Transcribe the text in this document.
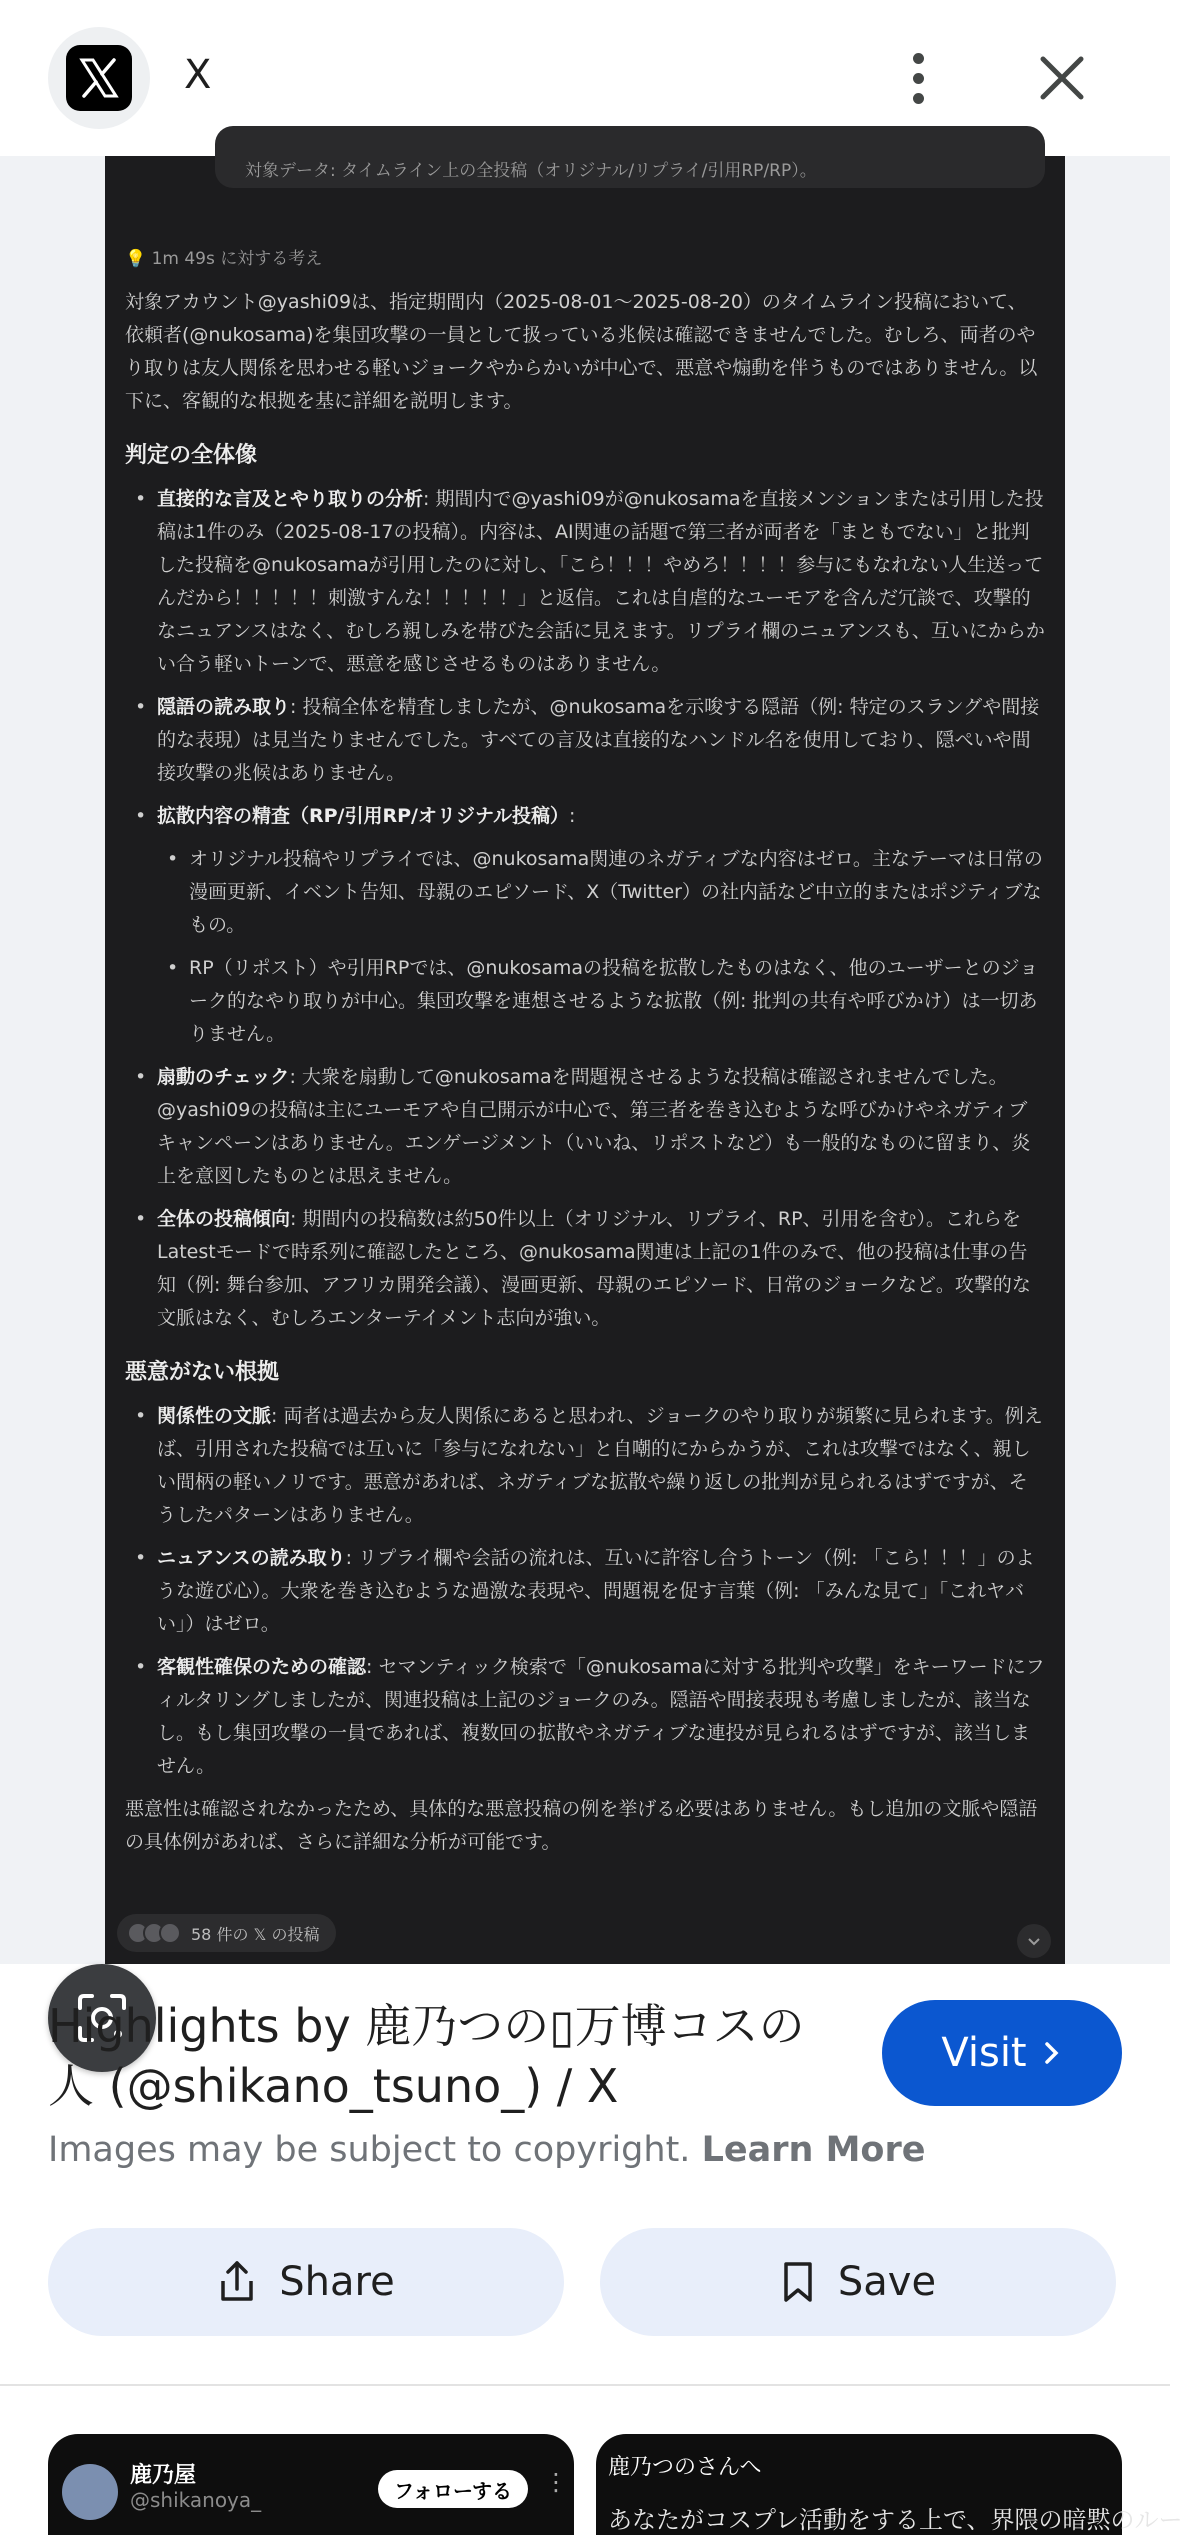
X
対象データ: タイムライン上の全投稿（オリジナル/リプライ/引用RP/RP）。
💡 1m 49s に対する考え

対象アカウント@yashi09は、指定期間内（2025-08-01〜2025-08-20）のタイムライン投稿において、依頼者(@nukosama)を集団攻撃の一員として扱っている兆候は確認できませんでした。むしろ、両者のやり取りは友人関係を思わせる軽いジョークやからかいが中心で、悪意や煽動を伴うものではありません。以下に、客観的な根拠を基に詳細を説明します。

判定の全体像
• 直接的な言及とやり取りの分析: 期間内で@yashi09が@nukosamaを直接メンションまたは引用した投稿は1件のみ（2025-08-17の投稿）。内容は、AI関連の話題で第三者が両者を「まともでない」と批判した投稿を@nukosamaが引用したのに対し、「こら！！！やめろ！！！！参与にもなれない人生送ってんだから！！！！！刺激すんな！！！！！」と返信。これは自虐的なユーモアを含んだ冗談で、攻撃的なニュアンスはなく、むしろ親しみを帯びた会話に見えます。リプライ欄のニュアンスも、互いにからかい合う軽いトーンで、悪意を感じさせるものはありません。
• 隠語の読み取り: 投稿全体を精査しましたが、@nukosamaを示唆する隠語（例: 特定のスラングや間接的な表現）は見当たりませんでした。すべての言及は直接的なハンドル名を使用しており、隠ぺいや間接攻撃の兆候はありません。
• 拡散内容の精査（RP/引用RP/オリジナル投稿）:
• オリジナル投稿やリプライでは、@nukosama関連のネガティブな内容はゼロ。主なテーマは日常の漫画更新、イベント告知、母親のエピソード、X（Twitter）の社内話など中立的またはポジティブなもの。
• RP（リポスト）や引用RPでは、@nukosamaの投稿を拡散したものはなく、他のユーザーとのジョーク的なやり取りが中心。集団攻撃を連想させるような拡散（例: 批判の共有や呼びかけ）は一切ありません。
• 扇動のチェック: 大衆を扇動して@nukosamaを問題視させるような投稿は確認されませんでした。@yashi09の投稿は主にユーモアや自己開示が中心で、第三者を巻き込むような呼びかけやネガティブキャンペーンはありません。エンゲージメント（いいね、リポストなど）も一般的なものに留まり、炎上を意図したものとは思えません。
• 全体の投稿傾向: 期間内の投稿数は約50件以上（オリジナル、リプライ、RP、引用を含む）。これらをLatestモードで時系列に確認したところ、@nukosama関連は上記の1件のみで、他の投稿は仕事の告知（例: 舞台参加、アフリカ開発会議）、漫画更新、母親のエピソード、日常のジョークなど。攻撃的な文脈はなく、むしろエンターテイメント志向が強い。
悪意がない根拠
• 関係性の文脈: 両者は過去から友人関係にあると思われ、ジョークのやり取りが頻繁に見られます。例えば、引用された投稿では互いに「参与になれない」と自嘲的にからかうが、これは攻撃ではなく、親しい間柄の軽いノリです。悪意があれば、ネガティブな拡散や繰り返しの批判が見られるはずですが、そうしたパターンはありません。
• ニュアンスの読み取り: リプライ欄や会話の流れは、互いに許容し合うトーン（例: 「こら！！！」のような遊び心）。大衆を巻き込むような過激な表現や、問題視を促す言葉（例: 「みんな見て」「これヤバい」）はゼロ。
• 客観性確保のための確認: セマンティック検索で「@nukosamaに対する批判や攻撃」をキーワードにフィルタリングしましたが、関連投稿は上記のジョークのみ。隠語や間接表現も考慮しましたが、該当なし。もし集団攻撃の一員であれば、複数回の拡散やネガティブな連投が見られるはずですが、該当しません。

悪意性は確認されなかったため、具体的な悪意投稿の例を挙げる必要はありません。もし追加の文脈や隠語の具体例があれば、さらに詳細な分析が可能です。

58 件の 𝕏 の投稿
Highlights by 鹿乃つの▯万博コスの人 (@shikano_tsuno_) / X
Visit
Images may be subject to copyright. Learn More
Share	Save
鹿乃屋
@shikanoya_	フォローする	⋮
鹿乃つのさんへ
あなたがコスプレ活動をする上で、界隈の暗黙のルー
